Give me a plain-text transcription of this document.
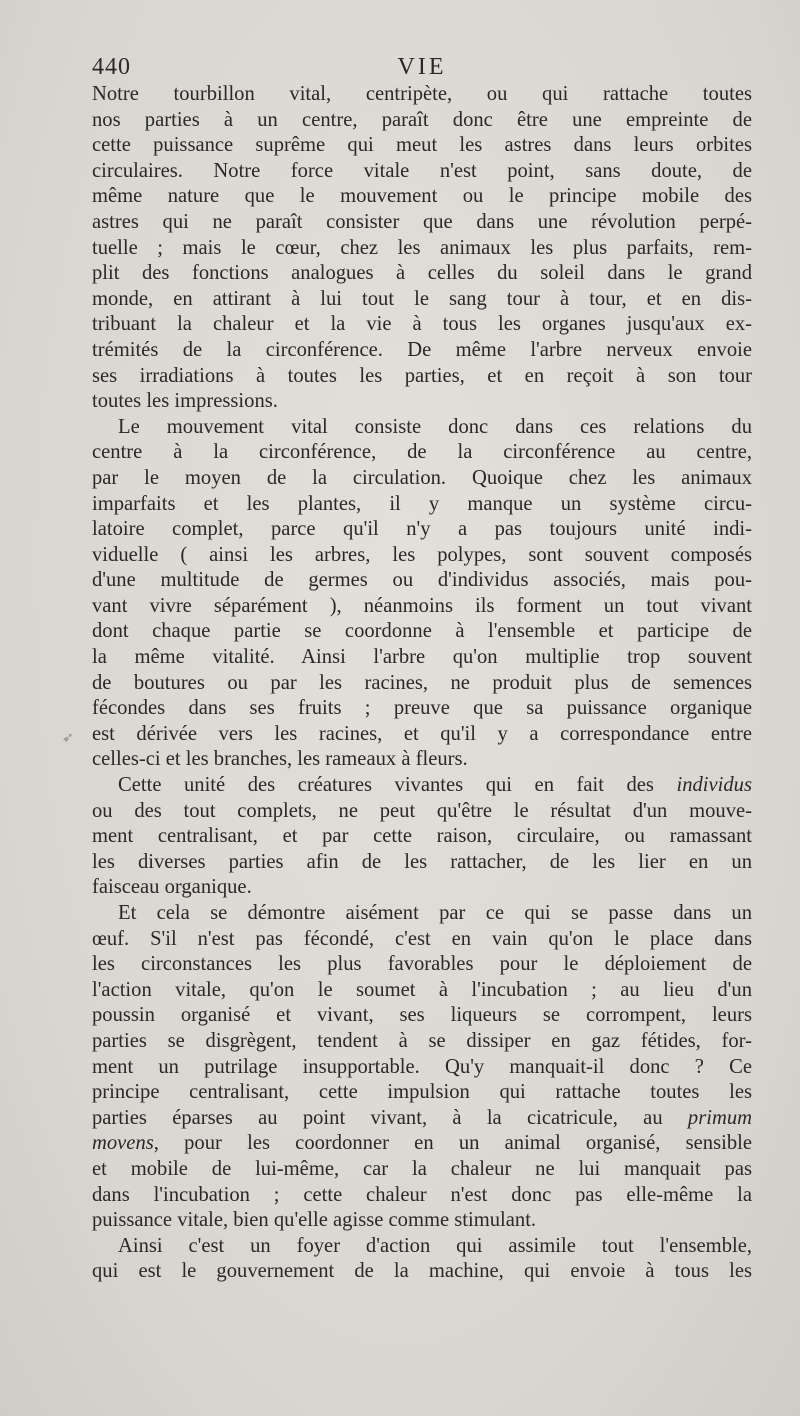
440	VIE
➶
Notre tourbillon vital, centripète, ou qui rattache toutes
nos parties à un centre, paraît donc être une empreinte de
cette puissance suprême qui meut les astres dans leurs orbites
circulaires. Notre force vitale n'est point, sans doute, de
même nature que le mouvement ou le principe mobile des
astres qui ne paraît consister que dans une révolution perpé-
tuelle ; mais le cœur, chez les animaux les plus parfaits, rem-
plit des fonctions analogues à celles du soleil dans le grand
monde, en attirant à lui tout le sang tour à tour, et en dis-
tribuant la chaleur et la vie à tous les organes jusqu'aux ex-
trémités de la circonférence. De même l'arbre nerveux envoie
ses irradiations à toutes les parties, et en reçoit à son tour
toutes les impressions.
Le mouvement vital consiste donc dans ces relations du
centre à la circonférence, de la circonférence au centre,
par le moyen de la circulation. Quoique chez les animaux
imparfaits et les plantes, il y manque un système circu-
latoire complet, parce qu'il n'y a pas toujours unité indi-
viduelle ( ainsi les arbres, les polypes, sont souvent composés
d'une multitude de germes ou d'individus associés, mais pou-
vant vivre séparément ), néanmoins ils forment un tout vivant
dont chaque partie se coordonne à l'ensemble et participe de
la même vitalité. Ainsi l'arbre qu'on multiplie trop souvent
de boutures ou par les racines, ne produit plus de semences
fécondes dans ses fruits ; preuve que sa puissance organique
est dérivée vers les racines, et qu'il y a correspondance entre
celles-ci et les branches, les rameaux à fleurs.
Cette unité des créatures vivantes qui en fait des individus
ou des tout complets, ne peut qu'être le résultat d'un mouve-
ment centralisant, et par cette raison, circulaire, ou ramassant
les diverses parties afin de les rattacher, de les lier en un
faisceau organique.
Et cela se démontre aisément par ce qui se passe dans un
œuf. S'il n'est pas fécondé, c'est en vain qu'on le place dans
les circonstances les plus favorables pour le déploiement de
l'action vitale, qu'on le soumet à l'incubation ; au lieu d'un
poussin organisé et vivant, ses liqueurs se corrompent, leurs
parties se disgrègent, tendent à se dissiper en gaz fétides, for-
ment un putrilage insupportable. Qu'y manquait-il donc ? Ce
principe centralisant, cette impulsion qui rattache toutes les
parties éparses au point vivant, à la cicatricule, au primum
movens, pour les coordonner en un animal organisé, sensible
et mobile de lui-même, car la chaleur ne lui manquait pas
dans l'incubation ; cette chaleur n'est donc pas elle-même la
puissance vitale, bien qu'elle agisse comme stimulant.
Ainsi c'est un foyer d'action qui assimile tout l'ensemble,
qui est le gouvernement de la machine, qui envoie à tous les
